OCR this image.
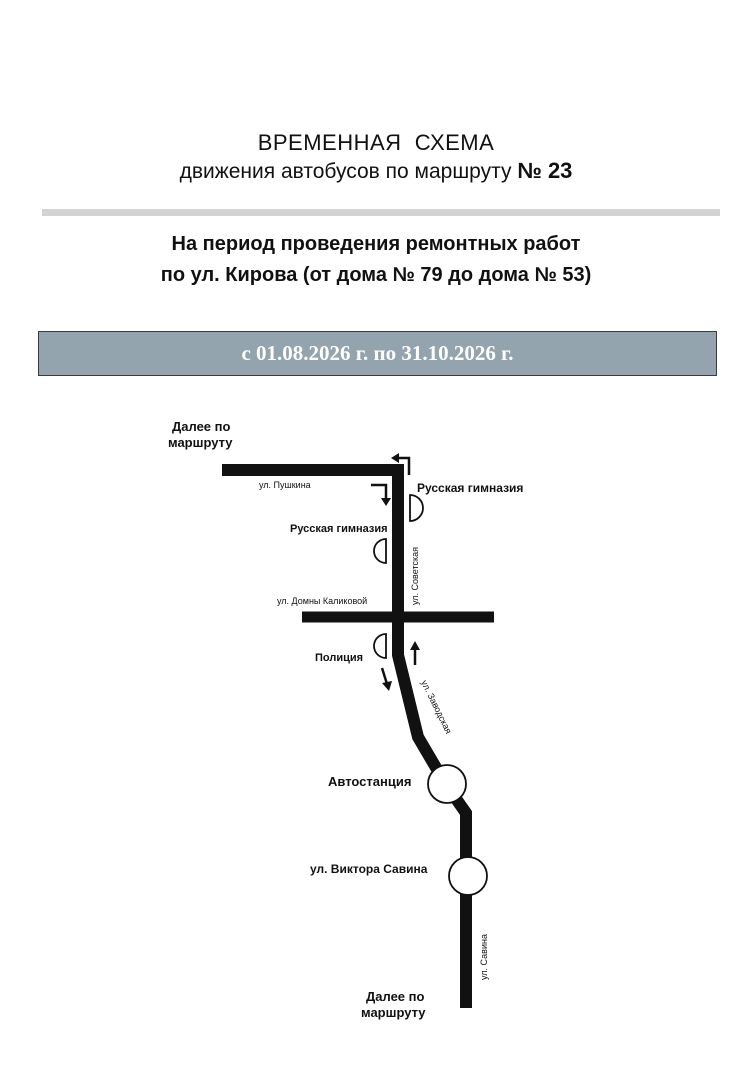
ВРЕМЕННАЯ  СХЕМА
движения автобусов по маршруту № 23
На период проведения ремонтных работ
по ул. Кирова (от дома № 79 до дома № 53)
с 01.08.2026 г. по 31.10.2026 г.
Далее по
маршруту
ул. Пушкина	Русская гимназия
Русская гимназия
ул. Советская
ул. Домны Каликовой
Полиция
ул. Заводская
Автостанция
ул. Виктора Савина
ул. Савина
Далее по
маршруту
